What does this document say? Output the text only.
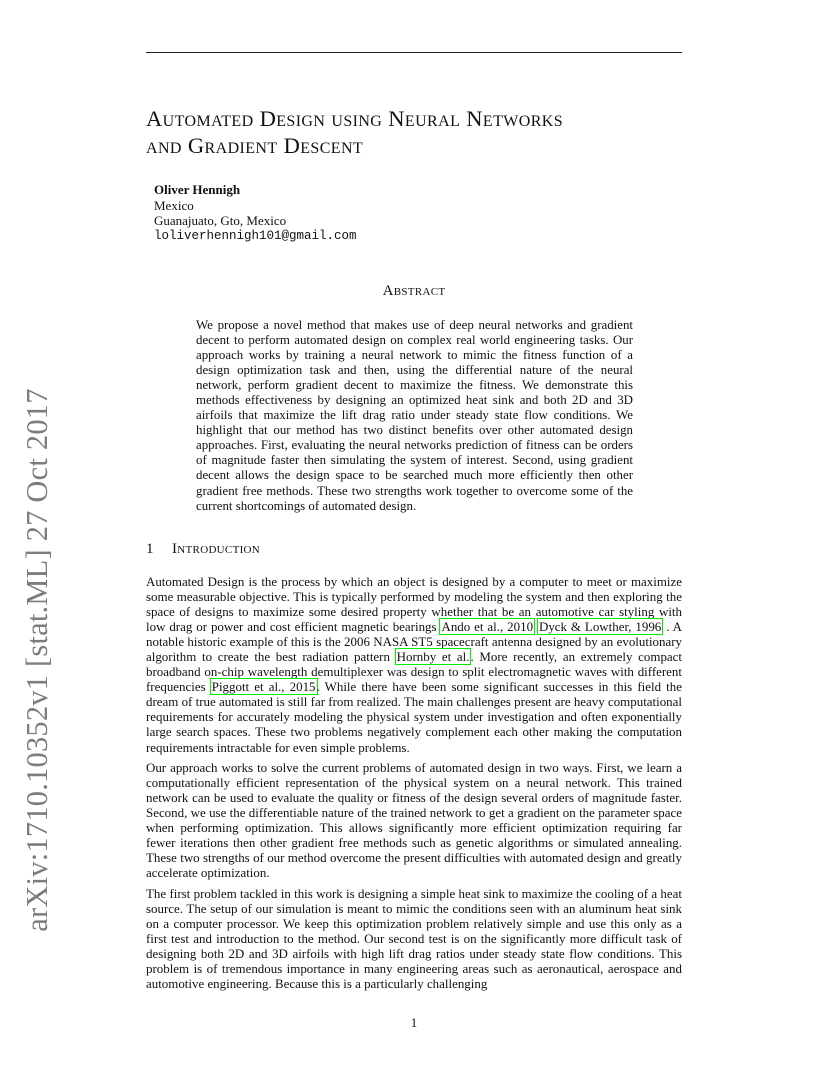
arXiv:1710.10352v1 [stat.ML] 27 Oct 2017
Automated Design using Neural Networks
and Gradient Descent
Oliver Hennigh
Mexico
Guanajuato, Gto, Mexico
loliverhennigh101@gmail.com
Abstract

We propose a novel method that makes use of deep neural networks and gradient decent to perform automated design on complex real world engineering tasks. Our approach works by training a neural network to mimic the fitness function of a design optimization task and then, using the differential nature of the neural network, perform gradient decent to maximize the fitness. We demonstrate this methods effectiveness by designing an optimized heat sink and both 2D and 3D airfoils that maximize the lift drag ratio under steady state flow conditions. We highlight that our method has two distinct benefits over other automated design approaches. First, evaluating the neural networks prediction of fitness can be orders of magnitude faster then simulating the system of interest. Second, using gradient decent allows the design space to be searched much more efficiently then other gradient free methods. These two strengths work together to overcome some of the current shortcomings of automated design.

1 Introduction

Automated Design is the process by which an object is designed by a computer to meet or maximize some measurable objective. This is typically performed by modeling the system and then exploring the space of designs to maximize some desired property whether that be an automotive car styling with low drag or power and cost efficient magnetic bearings Ando et al., 2010 Dyck & Lowther, 1996 . A notable historic example of this is the 2006 NASA ST5 spacecraft antenna designed by an evolutionary algorithm to create the best radiation pattern Hornby et al.. More recently, an extremely compact broadband on-chip wavelength demultiplexer was design to split electromagnetic waves with different frequencies Piggott et al., 2015. While there have been some significant successes in this field the dream of true automated is still far from realized. The main challenges present are heavy computational requirements for accurately modeling the physical system under investigation and often exponentially large search spaces. These two problems negatively complement each other making the computation requirements intractable for even simple problems.

Our approach works to solve the current problems of automated design in two ways. First, we learn a computationally efficient representation of the physical system on a neural network. This trained network can be used to evaluate the quality or fitness of the design several orders of magnitude faster. Second, we use the differentiable nature of the trained network to get a gradient on the parameter space when performing optimization. This allows significantly more efficient optimization requiring far fewer iterations then other gradient free methods such as genetic algorithms or simulated annealing. These two strengths of our method overcome the present difficulties with automated design and greatly accelerate optimization.

The first problem tackled in this work is designing a simple heat sink to maximize the cooling of a heat source. The setup of our simulation is meant to mimic the conditions seen with an aluminum heat sink on a computer processor. We keep this optimization problem relatively simple and use this only as a first test and introduction to the method. Our second test is on the significantly more difficult task of designing both 2D and 3D airfoils with high lift drag ratios under steady state flow conditions. This problem is of tremendous importance in many engineering areas such as aeronautical, aerospace and automotive engineering. Because this is a particularly challenging

1
